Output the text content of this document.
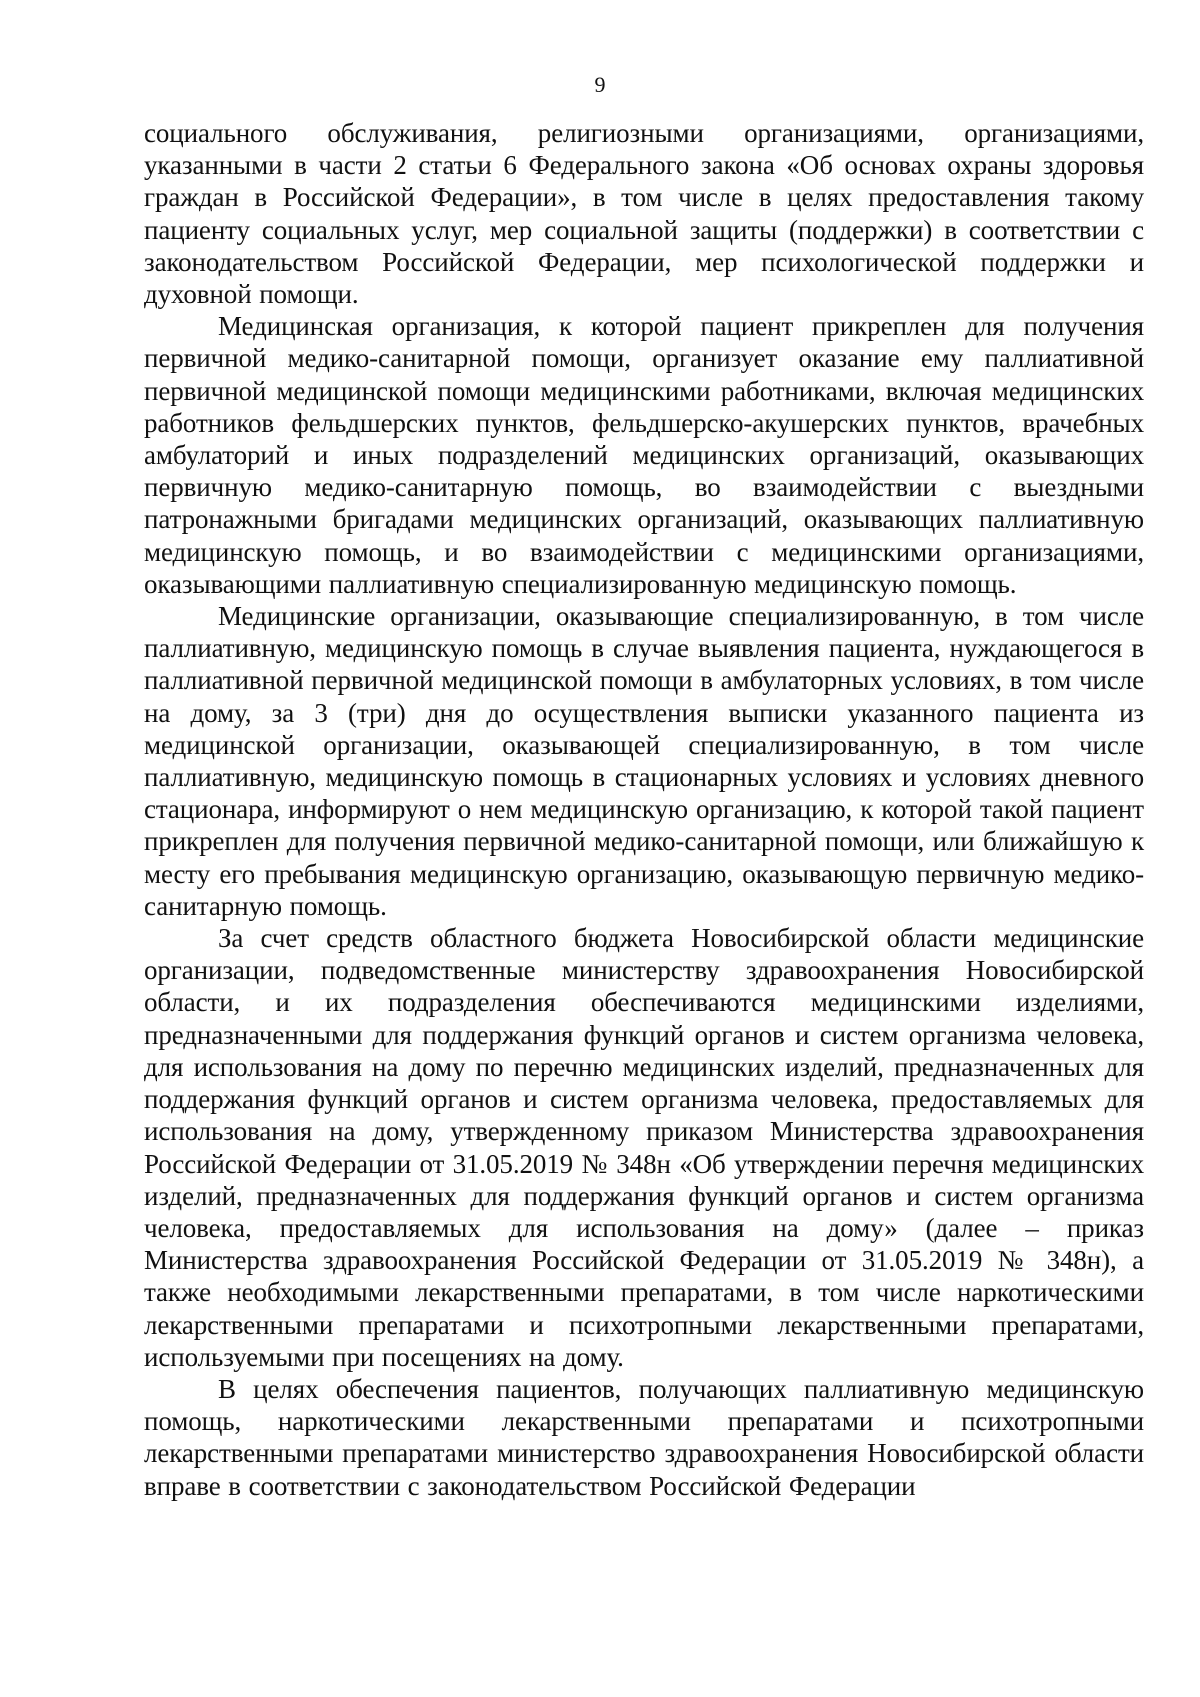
9

социального обслуживания, религиозными организациями, организациями, указанными в части 2 статьи 6 Федерального закона «Об основах охраны здоровья граждан в Российской Федерации», в том числе в целях предоставления такому пациенту социальных услуг, мер социальной защиты (поддержки) в соответствии с законодательством Российской Федерации, мер психологической поддержки и духовной помощи.

Медицинская организация, к которой пациент прикреплен для получения первичной медико-санитарной помощи, организует оказание ему паллиативной первичной медицинской помощи медицинскими работниками, включая медицинских работников фельдшерских пунктов, фельдшерско-акушерских пунктов, врачебных амбулаторий и иных подразделений медицинских организаций, оказывающих первичную медико-санитарную помощь, во взаимодействии с выездными патронажными бригадами медицинских организаций, оказывающих паллиативную медицинскую помощь, и во взаимодействии с медицинскими организациями, оказывающими паллиативную специализированную медицинскую помощь.

Медицинские организации, оказывающие специализированную, в том числе паллиативную, медицинскую помощь в случае выявления пациента, нуждающегося в паллиативной первичной медицинской помощи в амбулаторных условиях, в том числе на дому, за 3 (три) дня до осуществления выписки указанного пациента из медицинской организации, оказывающей специализированную, в том числе паллиативную, медицинскую помощь в стационарных условиях и условиях дневного стационара, информируют о нем медицинскую организацию, к которой такой пациент прикреплен для получения первичной медико-санитарной помощи, или ближайшую к месту его пребывания медицинскую организацию, оказывающую первичную медико-санитарную помощь.

За счет средств областного бюджета Новосибирской области медицинские организации, подведомственные министерству здравоохранения Новосибирской области, и их подразделения обеспечиваются медицинскими изделиями, предназначенными для поддержания функций органов и систем организма человека, для использования на дому по перечню медицинских изделий, предназначенных для поддержания функций органов и систем организма человека, предоставляемых для использования на дому, утвержденному приказом Министерства здравоохранения Российской Федерации от 31.05.2019 № 348н «Об утверждении перечня медицинских изделий, предназначенных для поддержания функций органов и систем организма человека, предоставляемых для использования на дому» (далее – приказ Министерства здравоохранения Российской Федерации от 31.05.2019 № 348н), а также необходимыми лекарственными препаратами, в том числе наркотическими лекарственными препаратами и психотропными лекарственными препаратами, используемыми при посещениях на дому.

В целях обеспечения пациентов, получающих паллиативную медицинскую помощь, наркотическими лекарственными препаратами и психотропными лекарственными препаратами министерство здравоохранения Новосибирской области вправе в соответствии с законодательством Российской Федерации
